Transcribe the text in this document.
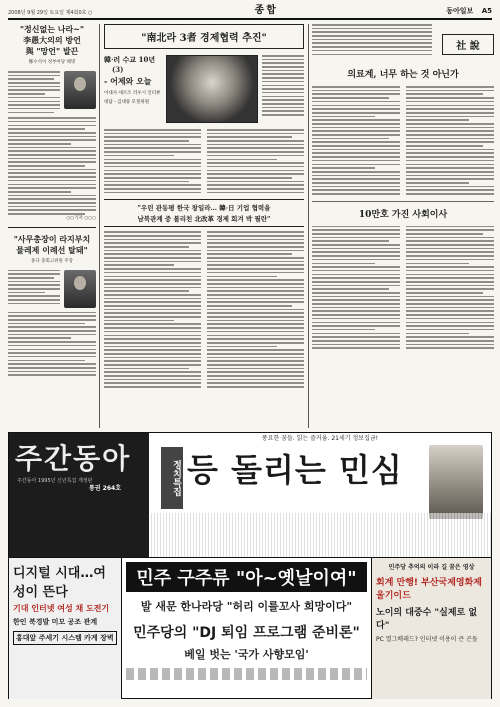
2008년 9월 29일 토요일 제4회0호 ○	종합	동아일보 A5
"정신없는 나라~"
李愚大의의 방언
與 "망언" 발끈
鄭수석이 정부여당 해명
○○기자 ○○○
"사무총장이 라지부치
물레제 이례선 탈돼"
홍다 충회고위원 주장
"南北라 3者 경제협력 추진"
韓·러 수교 10년(3)
- 어제와 오늘
이대사 세르조 러우시 인터뷰
대담 - 김대풍 모철위원
"우린 관동평 한국 창일라… 韓·日 기업 협력을
남북관계 중 볼리친 北改革 경제 회겨 박 필란"
社 說
의료계, 너무 하는 것 아닌가
10만호 가진 사회이사
주간동아
주간동아 1995년 신년특집 개정판
통권 264호
풍요한 꿈들. 읽는 즐거움. 21세기 정보집금!
정치특집 등 돌리는 민심
디지털 시대…여성이 뜬다
기대 인터넷 여성 채 도전기
한인 북경발 미모 공조 관계
홍대앞 주세기 시스템 카게 장벽
민주 구주류 "아~옛날이여"
발 새문 한나라당 "허리 이를꼬사 희망이다"
민주당의 "DJ 퇴임 프로그램 준비론"
베일 벗는 '국가 사향모임'
민주당 추억의 이라 길 꿈은 영상
회계 만행! 부산국제영화제 울기이드
노이의 대중수 "실제로 없다"
PC 열그배래드? 인터넷 이용이 큰 곤돌
